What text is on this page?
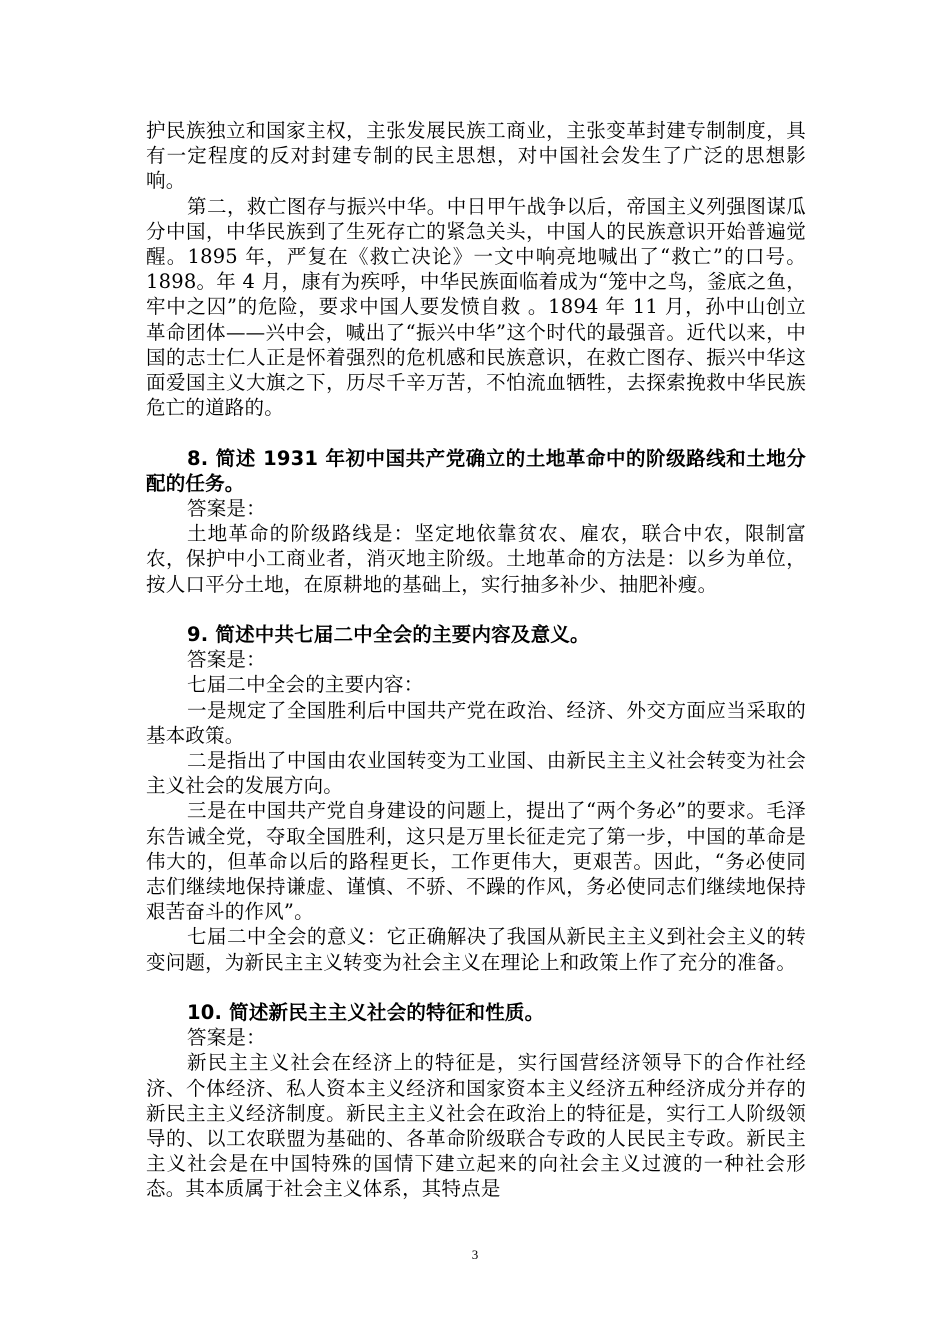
护民族独立和国家主权，主张发展民族工商业，主张变革封建专制制度，具有一定程度的反对封建专制的民主思想，对中国社会发生了广泛的思想影响。

第二，救亡图存与振兴中华。中日甲午战争以后，帝国主义列强图谋瓜分中国，中华民族到了生死存亡的紧急关头，中国人的民族意识开始普遍觉醒。1895 年，严复在《救亡决论》一文中响亮地喊出了“救亡”的口号。1898。年 4 月，康有为疾呼，中华民族面临着成为“笼中之鸟，釜底之鱼，牢中之囚”的危险，要求中国人要发愤自救 。1894 年 11 月，孙中山创立革命团体——兴中会，喊出了“振兴中华”这个时代的最强音。近代以来，中国的志士仁人正是怀着强烈的危机感和民族意识，在救亡图存、振兴中华这面爱国主义大旗之下，历尽千辛万苦，不怕流血牺牲，去探索挽救中华民族危亡的道路的。

8. 简述 1931 年初中国共产党确立的土地革命中的阶级路线和土地分配的任务。

答案是：

土地革命的阶级路线是：坚定地依靠贫农、雇农，联合中农，限制富农，保护中小工商业者，消灭地主阶级。土地革命的方法是：以乡为单位，按人口平分土地，在原耕地的基础上，实行抽多补少、抽肥补瘦。

9. 简述中共七届二中全会的主要内容及意义。

答案是：

七届二中全会的主要内容：

一是规定了全国胜利后中国共产党在政治、经济、外交方面应当采取的基本政策。

二是指出了中国由农业国转变为工业国、由新民主主义社会转变为社会主义社会的发展方向。

三是在中国共产党自身建设的问题上，提出了“两个务必”的要求。毛泽东告诫全党，夺取全国胜利，这只是万里长征走完了第一步，中国的革命是伟大的，但革命以后的路程更长，工作更伟大，更艰苦。因此，“务必使同志们继续地保持谦虚、谨慎、不骄、不躁的作风，务必使同志们继续地保持艰苦奋斗的作风”。

七届二中全会的意义：它正确解决了我国从新民主主义到社会主义的转变问题，为新民主主义转变为社会主义在理论上和政策上作了充分的准备。

10. 简述新民主主义社会的特征和性质。

答案是：

新民主主义社会在经济上的特征是，实行国营经济领导下的合作社经济、个体经济、私人资本主义经济和国家资本主义经济五种经济成分并存的新民主主义经济制度。新民主主义社会在政治上的特征是，实行工人阶级领导的、以工农联盟为基础的、各革命阶级联合专政的人民民主专政。新民主主义社会是在中国特殊的国情下建立起来的向社会主义过渡的一种社会形态。其本质属于社会主义体系，其特点是

3
